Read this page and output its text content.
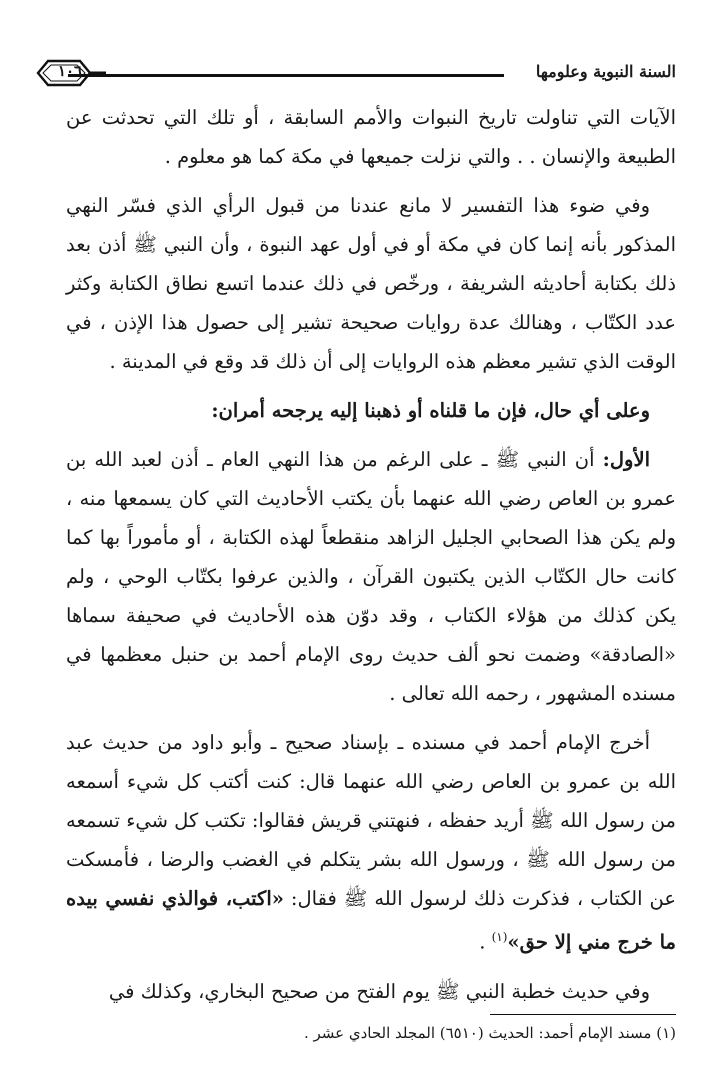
السنة النبوية وعلومها
١٠٦

الآيات التي تناولت تاريخ النبوات والأمم السابقة ، أو تلك التي تحدثت عن الطبيعة والإنسان . . والتي نزلت جميعها في مكة كما هو معلوم .

وفي ضوء هذا التفسير لا مانع عندنا من قبول الرأي الذي فسّر النهي المذكور بأنه إنما كان في مكة أو في أول عهد النبوة ، وأن النبي ﷺ أذن بعد ذلك بكتابة أحاديثه الشريفة ، ورخّص في ذلك عندما اتسع نطاق الكتابة وكثر عدد الكتّاب ، وهنالك عدة روايات صحيحة تشير إلى حصول هذا الإذن ، في الوقت الذي تشير معظم هذه الروايات إلى أن ذلك قد وقع في المدينة .

وعلى أي حال، فإن ما قلناه أو ذهبنا إليه يرجحه أمران:

الأول: أن النبي ﷺ ـ على الرغم من هذا النهي العام ـ أذن لعبد الله بن عمرو بن العاص رضي الله عنهما بأن يكتب الأحاديث التي كان يسمعها منه ، ولم يكن هذا الصحابي الجليل الزاهد منقطعاً لهذه الكتابة ، أو مأموراً بها كما كانت حال الكتّاب الذين يكتبون القرآن ، والذين عرفوا بكتّاب الوحي ، ولم يكن كذلك من هؤلاء الكتاب ، وقد دوّن هذه الأحاديث في صحيفة سماها «الصادقة» وضمت نحو ألف حديث روى الإمام أحمد بن حنبل معظمها في مسنده المشهور ، رحمه الله تعالى .

أخرج الإمام أحمد في مسنده ـ بإسناد صحيح ـ وأبو داود من حديث عبد الله بن عمرو بن العاص رضي الله عنهما قال: كنت أكتب كل شيء أسمعه من رسول الله ﷺ أريد حفظه ، فنهتني قريش فقالوا: تكتب كل شيء تسمعه من رسول الله ﷺ ، ورسول الله بشر يتكلم في الغضب والرضا ، فأمسكت عن الكتاب ، فذكرت ذلك لرسول الله ﷺ فقال: «اكتب، فوالذي نفسي بيده ما خرج مني إلا حق»$^{(١)}$ .

وفي حديث خطبة النبي ﷺ يوم الفتح من صحيح البخاري، وكذلك في

(١) مسند الإمام أحمد: الحديث (٦٥١٠) المجلد الحادي عشر .
